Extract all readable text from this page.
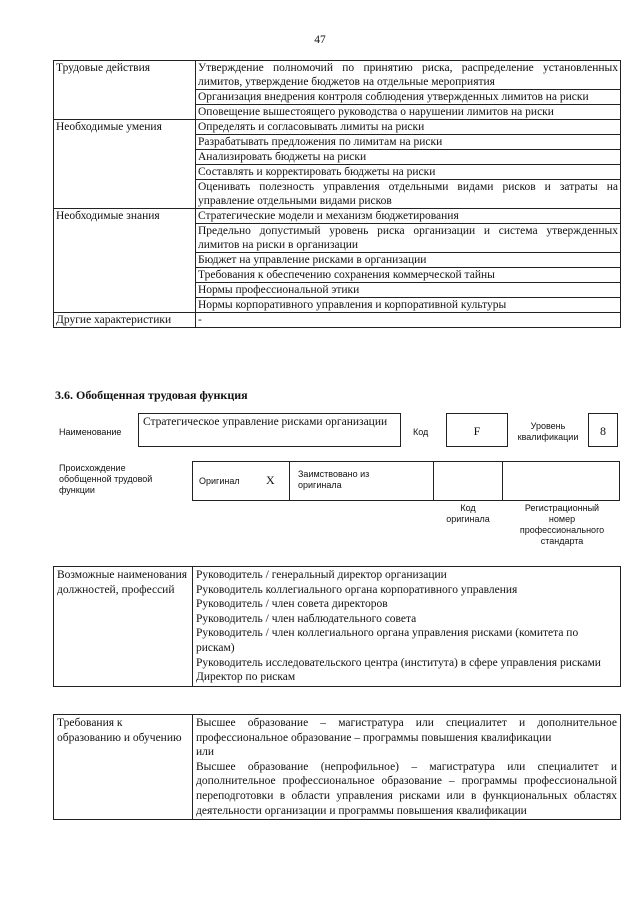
47
Трудовые действия	Утверждение полномочий по принятию риска, распределение установленных лимитов, утверждение бюджетов на отдельные мероприятия
	Организация внедрения контроля соблюдения утвержденных лимитов на риски
	Оповещение вышестоящего руководства о нарушении лимитов на риски
Необходимые умения	Определять и согласовывать лимиты на риски
	Разрабатывать предложения по лимитам на риски
	Анализировать бюджеты на риски
	Составлять и корректировать бюджеты на риски
	Оценивать полезность управления отдельными видами рисков и затраты на управление отдельными видами рисков
Необходимые знания	Стратегические модели и механизм бюджетирования
	Предельно допустимый уровень риска организации и система утвержденных лимитов на риски в организации
	Бюджет на управление рисками в организации
	Требования к обеспечению сохранения коммерческой тайны
	Нормы профессиональной этики
	Нормы корпоративного управления и корпоративной культуры
Другие характеристики	-
3.6. Обобщенная трудовая функция
Наименование
Стратегическое управление рисками организации
Код	F	Уровень квалификации	8
Происхождение обобщенной трудовой функции
Оригинал X	Заимствовано из оригинала
Код оригинала
Регистрационный номер профессионального стандарта
Возможные наименования должностей, профессий	
Руководитель / генеральный директор организации
Руководитель коллегиального органа корпоративного управления
Руководитель / член совета директоров
Руководитель / член наблюдательного совета
Руководитель / член коллегиального органа управления рисками (комитета по рискам)
Руководитель исследовательского центра (института) в сфере управления рисками
Директор по рискам
Требования к образованию и обучению	
Высшее образование – магистратура или специалитет и дополнительное профессиональное образование – программы повышения квалификации
или
Высшее образование (непрофильное) – магистратура или специалитет и дополнительное профессиональное образование – программы профессиональной переподготовки в области управления рисками или в функциональных областях деятельности организации и программы повышения квалификации
